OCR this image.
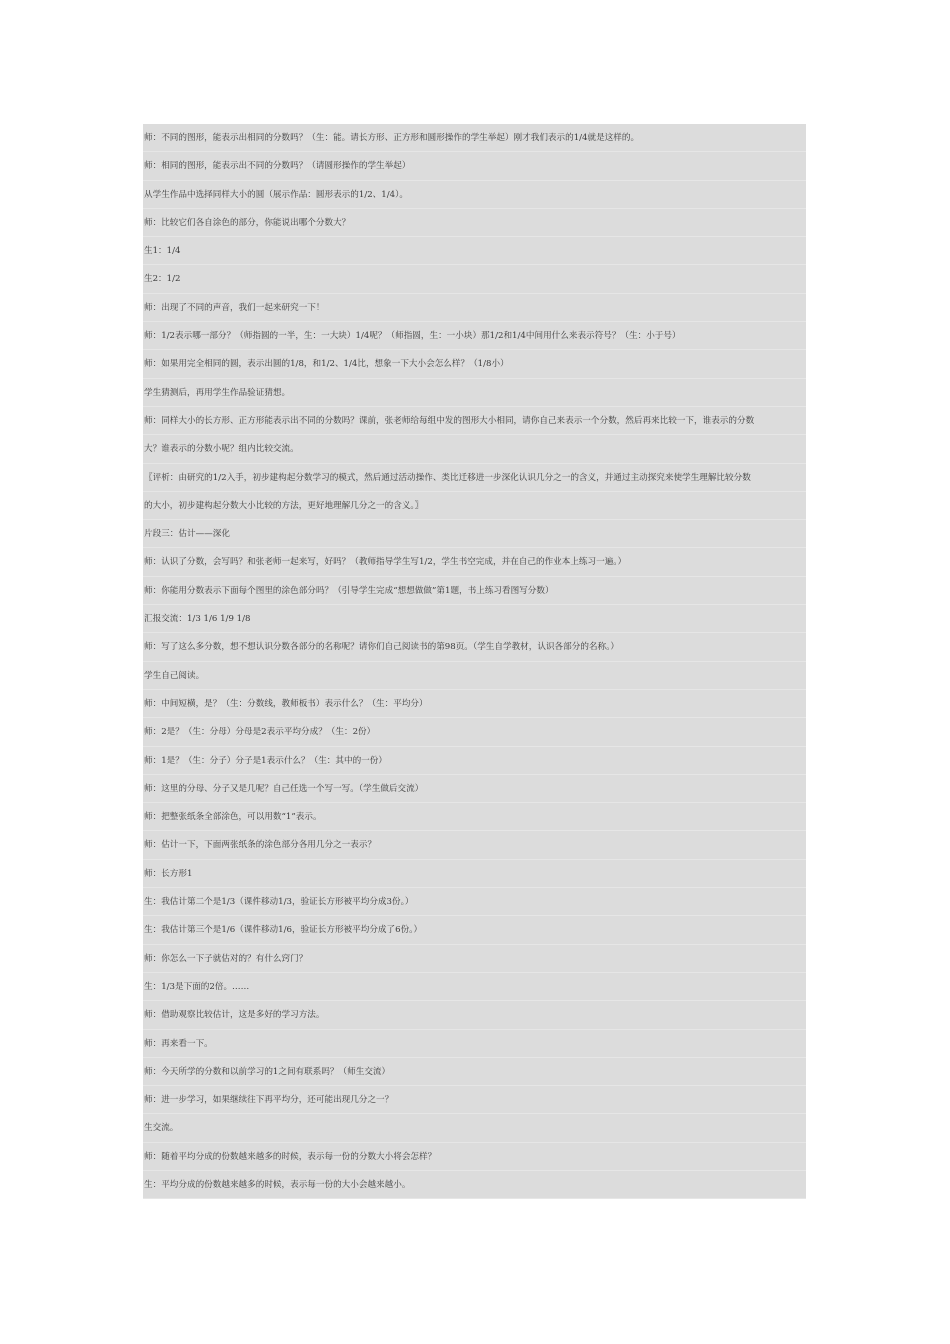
师：不同的图形，能表示出相同的分数吗？（生：能。请长方形、正方形和圆形操作的学生举起）刚才我们表示的1/4就是这样的。
师：相同的图形，能表示出不同的分数吗？（请圆形操作的学生举起）
从学生作品中选择同样大小的圆（展示作品：圆形表示的1/2、1/4）。
师：比较它们各自涂色的部分，你能说出哪个分数大？
生1：1/4
生2：1/2
师：出现了不同的声音，我们一起来研究一下！
师：1/2表示哪一部分？（师指圆的一半，生：一大块）1/4呢？（师指圆，生：一小块）那1/2和1/4中间用什么来表示符号？（生：小于号）
师：如果用完全相同的圆，表示出圆的1/8，和1/2、1/4比，想象一下大小会怎么样？（1/8小）
学生猜测后，再用学生作品验证猜想。
师：同样大小的长方形、正方形能表示出不同的分数吗？课前，张老师给每组中发的图形大小相同，请你自己来表示一个分数，然后再来比较一下，谁表示的分数
大？谁表示的分数小呢？组内比较交流。
〖评析：由研究的1/2入手，初步建构起分数学习的模式，然后通过活动操作、类比迁移进一步深化认识几分之一的含义，并通过主动探究来使学生理解比较分数
的大小，初步建构起分数大小比较的方法，更好地理解几分之一的含义。〗
片段三：估计——深化
师：认识了分数，会写吗？和张老师一起来写，好吗？（教师指导学生写1/2，学生书空完成，并在自己的作业本上练习一遍。）
师：你能用分数表示下面每个图里的涂色部分吗？（引导学生完成“想想做做”第1题，书上练习看图写分数）
汇报交流：1/3 1/6 1/9 1/8
师：写了这么多分数，想不想认识分数各部分的名称呢？请你们自己阅读书的第98页。（学生自学教材，认识各部分的名称。）
学生自己阅读。
师：中间短横，是？（生：分数线，教师板书）表示什么？（生：平均分）
师：2是？（生：分母）分母是2表示平均分成？（生：2份）
师：1是？（生：分子）分子是1表示什么？（生：其中的一份）
师：这里的分母、分子又是几呢？自己任选一个写一写。（学生做后交流）
师：把整张纸条全部涂色，可以用数“1”表示。
师：估计一下，下面两张纸条的涂色部分各用几分之一表示？
师：长方形1
生：我估计第二个是1/3（课件移动1/3，验证长方形被平均分成3份。）
生：我估计第三个是1/6（课件移动1/6，验证长方形被平均分成了6份。）
师：你怎么一下子就估对的？有什么窍门？
生：1/3是下面的2倍。……
师：借助观察比较估计，这是多好的学习方法。
师：再来看一下。
师：今天所学的分数和以前学习的1之间有联系吗？（师生交流）
师：进一步学习，如果继续往下再平均分，还可能出现几分之一？
生交流。
师：随着平均分成的份数越来越多的时候，表示每一份的分数大小将会怎样？
生：平均分成的份数越来越多的时候，表示每一份的大小会越来越小。
